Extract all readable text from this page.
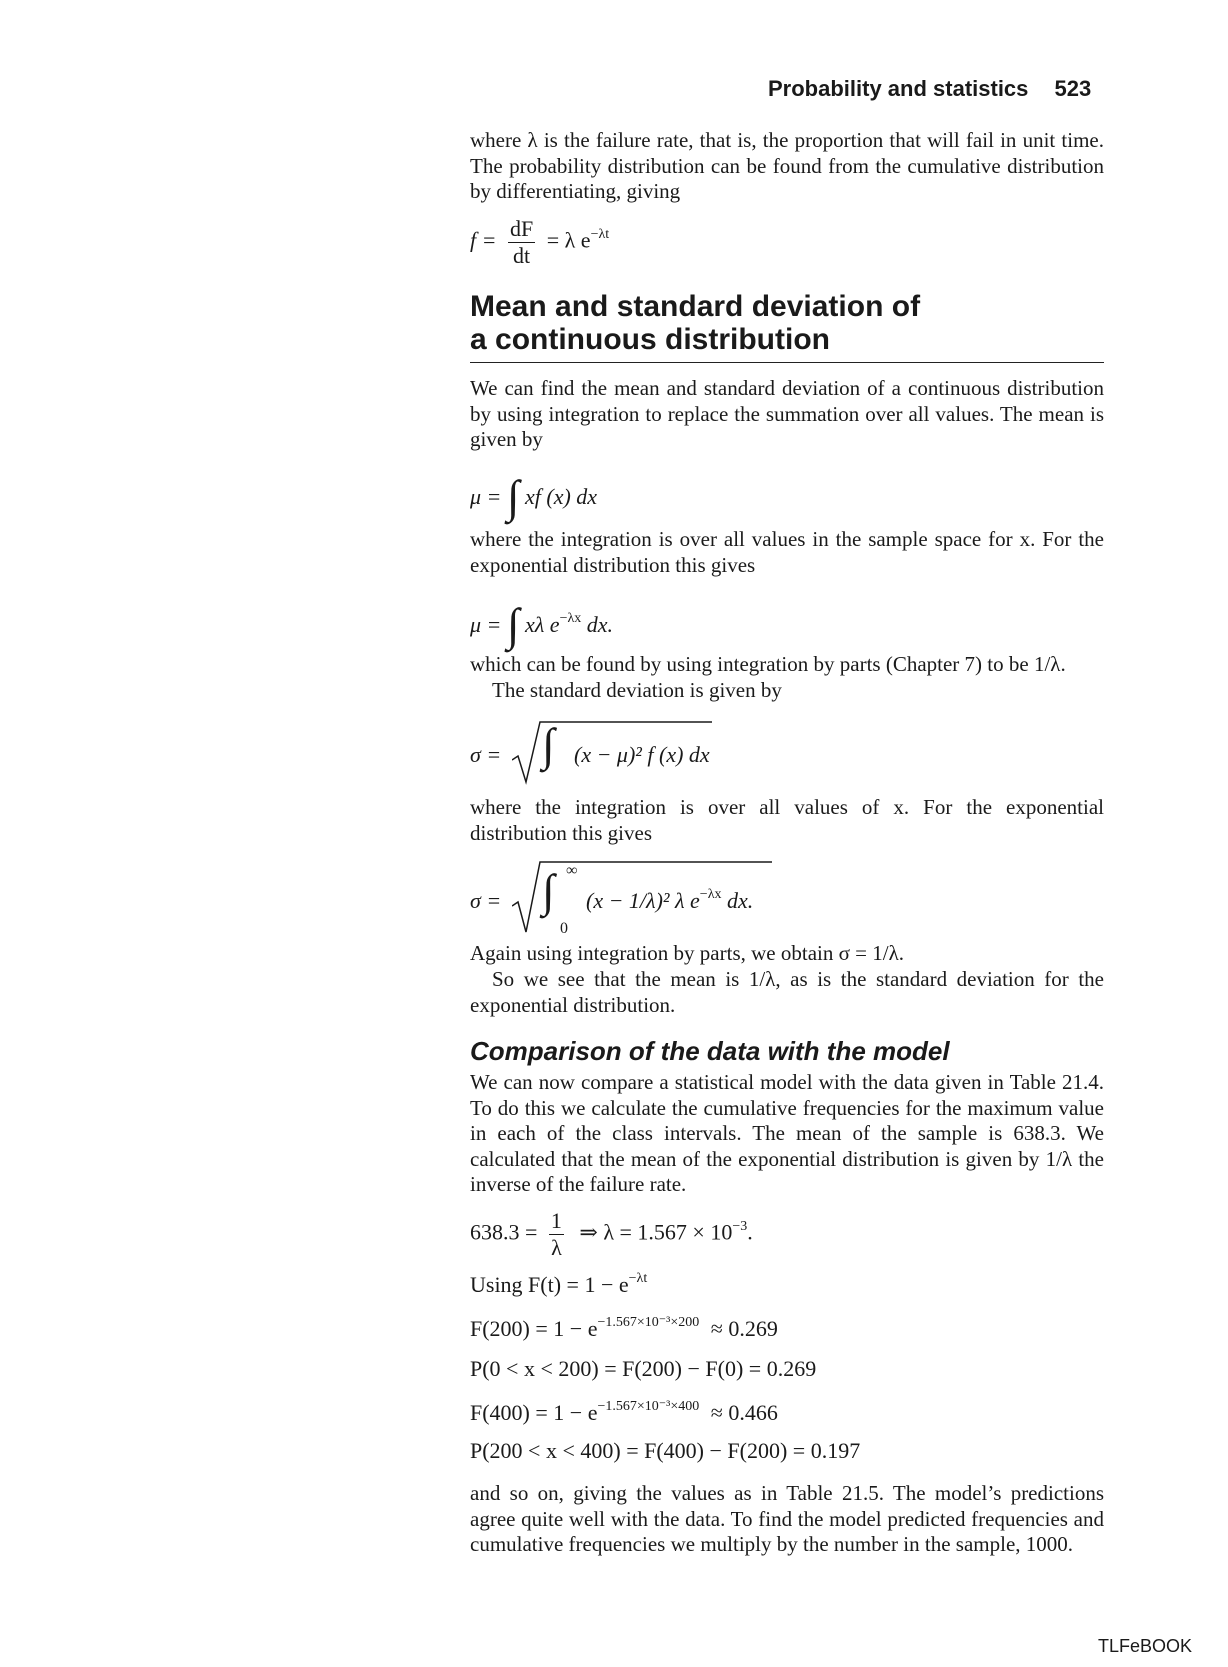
Probability and statistics 523
where λ is the failure rate, that is, the proportion that will fail in unit time. The probability distribution can be found from the cumulative distribution by differentiating, giving
$f = \frac{dF}{dt} = \lambda$ $e^{-\lambda t}$
Mean and standard deviation of
a continuous distribution
We can find the mean and standard deviation of a continuous distribution by using integration to replace the summation over all values. The mean is given by
μ = ∫ xf (x) dx
where the integration is over all values in the sample space for x. For the exponential distribution this gives
μ = ∫ xλ $e^{-\lambda x}$ dx.
which can be found by using integration by parts (Chapter 7) to be 1/λ.
The standard deviation is given by
σ = ∫ (x − μ)² f (x) dx
where the integration is over all values of x. For the exponential distribution this gives
σ = ∫ ∞
0
(x − 1/λ)² λ $e^{-\lambda x}$ dx.
Again using integration by parts, we obtain σ = 1/λ.
So we see that the mean is 1/λ, as is the standard deviation for the exponential distribution.
Comparison of the data with the model
We can now compare a statistical model with the data given in Table 21.4. To do this we calculate the cumulative frequencies for the maximum value in each of the class intervals. The mean of the sample is 638.3. We calculated that the mean of the exponential distribution is given by 1/λ the inverse of the failure rate.
$638.3 = \frac{1}{\lambda}$ ⇒ $\lambda = 1.567 \times 10^{-3}$.
Using $F(t) = 1 - e^{-\lambda t}$
$F(200) = 1 - e^{-1.567\times 10^{-3}\times 200} \approx 0.269$
P(0 < x < 200) = F(200) − F(0) = 0.269
$F(400) = 1 - e^{-1.567\times 10^{-3}\times 400} \approx 0.466$
P(200 < x < 400) = F(400) − F(200) = 0.197
and so on, giving the values as in Table 21.5. The model’s predictions agree quite well with the data. To find the model predicted frequencies and cumulative frequencies we multiply by the number in the sample, 1000.
TLFeBOOK
